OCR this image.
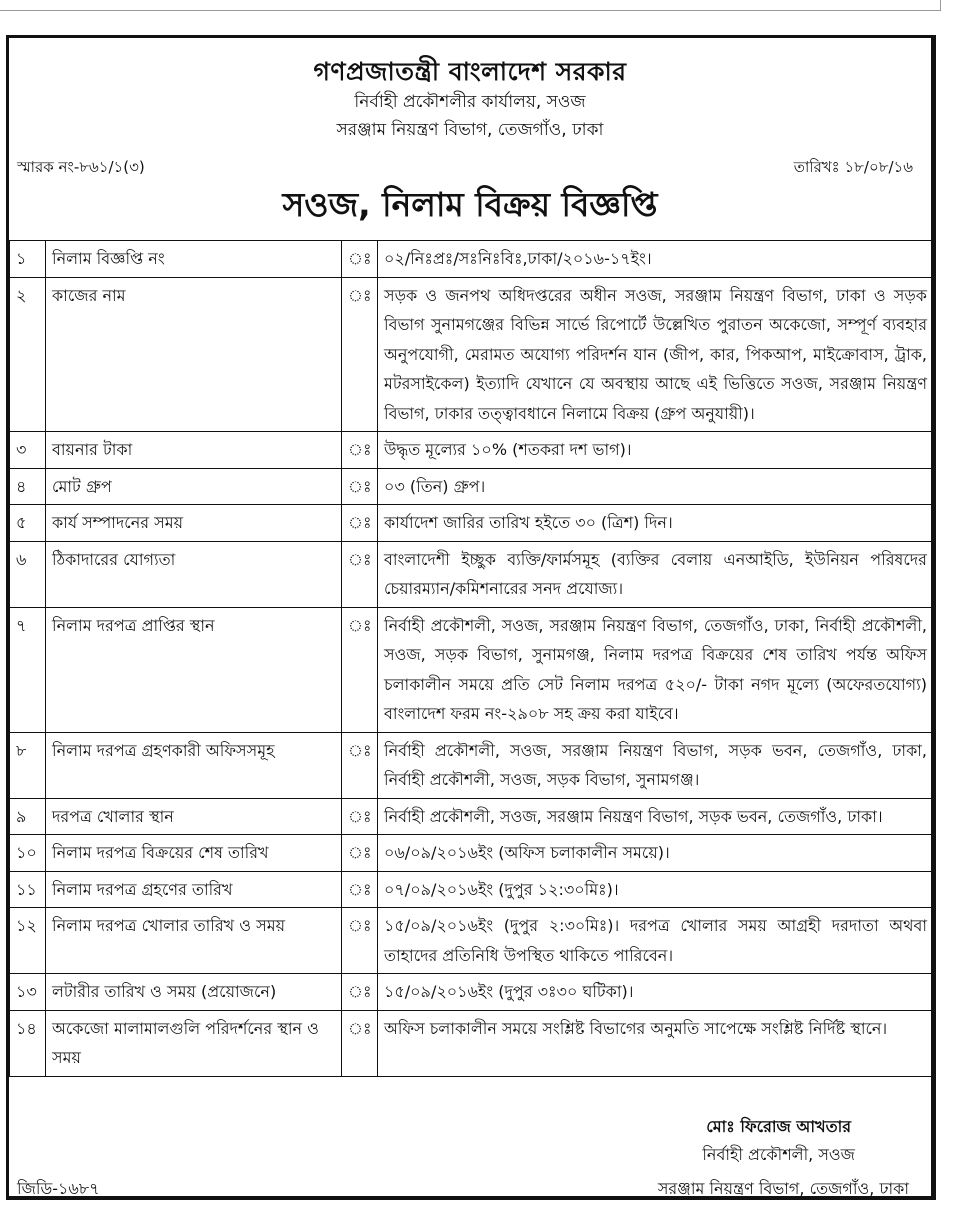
গণপ্রজাতন্ত্রী বাংলাদেশ সরকার
নির্বাহী প্রকৌশলীর কার্যালয়, সওজ
সরঞ্জাম নিয়ন্ত্রণ বিভাগ, তেজগাঁও, ঢাকা
স্মারক নং-৮৬১/১(৩)	তারিখঃ ১৮/০৮/১৬
সওজ, নিলাম বিক্রয় বিজ্ঞপ্তি
১	নিলাম বিজ্ঞপ্তি নং	ঃ	০২/নিঃপ্রঃ/সঃনিঃবিঃ,ঢাকা/২০১৬-১৭ইং।
২	কাজের নাম	ঃ	সড়ক ও জনপথ অধিদপ্তরের অধীন সওজ, সরঞ্জাম নিয়ন্ত্রণ বিভাগ, ঢাকা ও সড়ক বিভাগ সুনামগঞ্জের বিভিন্ন সার্ভে রিপোর্টে উল্লেখিত পুরাতন অকেজো, সম্পূর্ণ ব্যবহার অনুপযোগী, মেরামত অযোগ্য পরিদর্শন যান (জীপ, কার, পিকআপ, মাইক্রোবাস, ট্রাক, মটরসাইকেল) ইত্যাদি যেখানে যে অবস্থায় আছে এই ভিত্তিতে সওজ, সরঞ্জাম নিয়ন্ত্রণ বিভাগ, ঢাকার তত্ত্বাবধানে নিলামে বিক্রয় (গ্রুপ অনুযায়ী)।
৩	বায়নার টাকা	ঃ	উদ্ধৃত মূল্যের ১০% (শতকরা দশ ভাগ)।
৪	মোট গ্রুপ	ঃ	০৩ (তিন) গ্রুপ।
৫	কার্য সম্পাদনের সময়	ঃ	কার্যাদেশ জারির তারিখ হইতে ৩০ (ত্রিশ) দিন।
৬	ঠিকাদারের যোগ্যতা	ঃ	বাংলাদেশী ইচ্ছুক ব্যক্তি/ফার্মসমূহ (ব্যক্তির বেলায় এনআইডি, ইউনিয়ন পরিষদের চেয়ারম্যান/কমিশনারের সনদ প্রযোজ্য।
৭	নিলাম দরপত্র প্রাপ্তির স্থান	ঃ	নির্বাহী প্রকৌশলী, সওজ, সরঞ্জাম নিয়ন্ত্রণ বিভাগ, তেজগাঁও, ঢাকা, নির্বাহী প্রকৌশলী, সওজ, সড়ক বিভাগ, সুনামগঞ্জ, নিলাম দরপত্র বিক্রয়ের শেষ তারিখ পর্যন্ত অফিস চলাকালীন সময়ে প্রতি সেট নিলাম দরপত্র ৫২০/- টাকা নগদ মূল্যে (অফেরতযোগ্য) বাংলাদেশ ফরম নং-২৯০৮ সহ ক্রয় করা যাইবে।
৮	নিলাম দরপত্র গ্রহণকারী অফিসসমূহ	ঃ	নির্বাহী প্রকৌশলী, সওজ, সরঞ্জাম নিয়ন্ত্রণ বিভাগ, সড়ক ভবন, তেজগাঁও, ঢাকা, নির্বাহী প্রকৌশলী, সওজ, সড়ক বিভাগ, সুনামগঞ্জ।
৯	দরপত্র খোলার স্থান	ঃ	নির্বাহী প্রকৌশলী, সওজ, সরঞ্জাম নিয়ন্ত্রণ বিভাগ, সড়ক ভবন, তেজগাঁও, ঢাকা।
১০	নিলাম দরপত্র বিক্রয়ের শেষ তারিখ	ঃ	০৬/০৯/২০১৬ইং (অফিস চলাকালীন সময়ে)।
১১	নিলাম দরপত্র গ্রহণের তারিখ	ঃ	০৭/০৯/২০১৬ইং (দুপুর ১২:৩০মিঃ)।
১২	নিলাম দরপত্র খোলার তারিখ ও সময়	ঃ	১৫/০৯/২০১৬ইং (দুপুর ২:৩০মিঃ)। দরপত্র খোলার সময় আগ্রহী দরদাতা অথবা তাহাদের প্রতিনিধি উপস্থিত থাকিতে পারিবেন।
১৩	লটারীর তারিখ ও সময় (প্রয়োজনে)	ঃ	১৫/০৯/২০১৬ইং (দুপুর ৩ঃ৩০ ঘটিকা)।
১৪	অকেজো মালামালগুলি পরিদর্শনের স্থান ও সময়	ঃ	অফিস চলাকালীন সময়ে সংশ্লিষ্ট বিভাগের অনুমতি সাপেক্ষে সংশ্লিষ্ট নির্দিষ্ট স্থানে।
মোঃ ফিরোজ আখতার
নির্বাহী প্রকৌশলী, সওজ
সরঞ্জাম নিয়ন্ত্রণ বিভাগ, তেজগাঁও, ঢাকা
জিডি-১৬৮৭
